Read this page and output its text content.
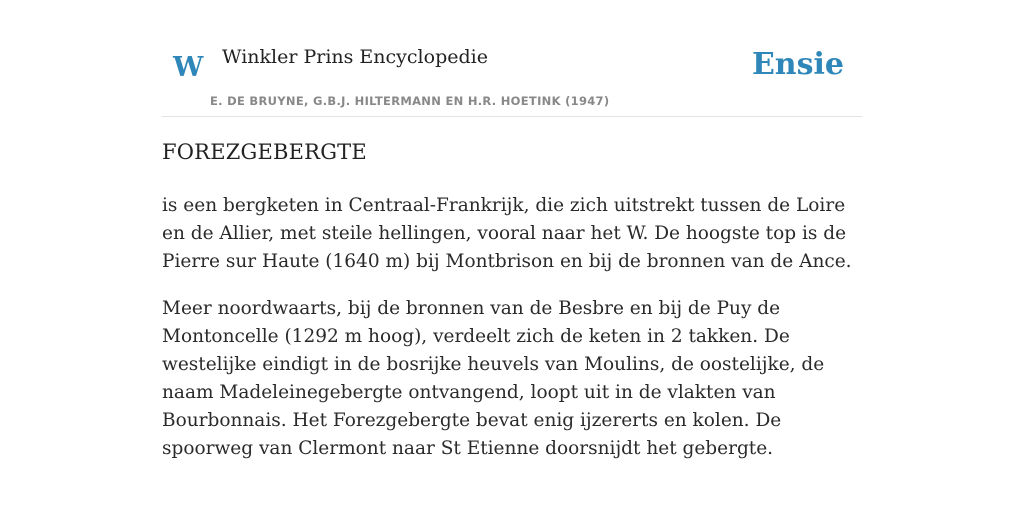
W Winkler Prins Encyclopedie
E. DE BRUYNE, G.B.J. HILTERMANN EN H.R. HOETINK (1947)
Ensie
FOREZGEBERGTE

is een bergketen in Centraal-Frankrijk, die zich uitstrekt tussen de Loire en de Allier, met steile hellingen, vooral naar het W. De hoogste top is de Pierre sur Haute (1640 m) bij Montbrison en bij de bronnen van de Ance.

Meer noordwaarts, bij de bronnen van de Besbre en bij de Puy de Montoncelle (1292 m hoog), verdeelt zich de keten in 2 takken. De westelijke eindigt in de bosrijke heuvels van Moulins, de oostelijke, de naam Madeleinegebergte ontvangend, loopt uit in de vlakten van Bourbonnais. Het Forezgebergte bevat enig ijzererts en kolen. De spoorweg van Clermont naar St Etienne doorsnijdt het gebergte.
